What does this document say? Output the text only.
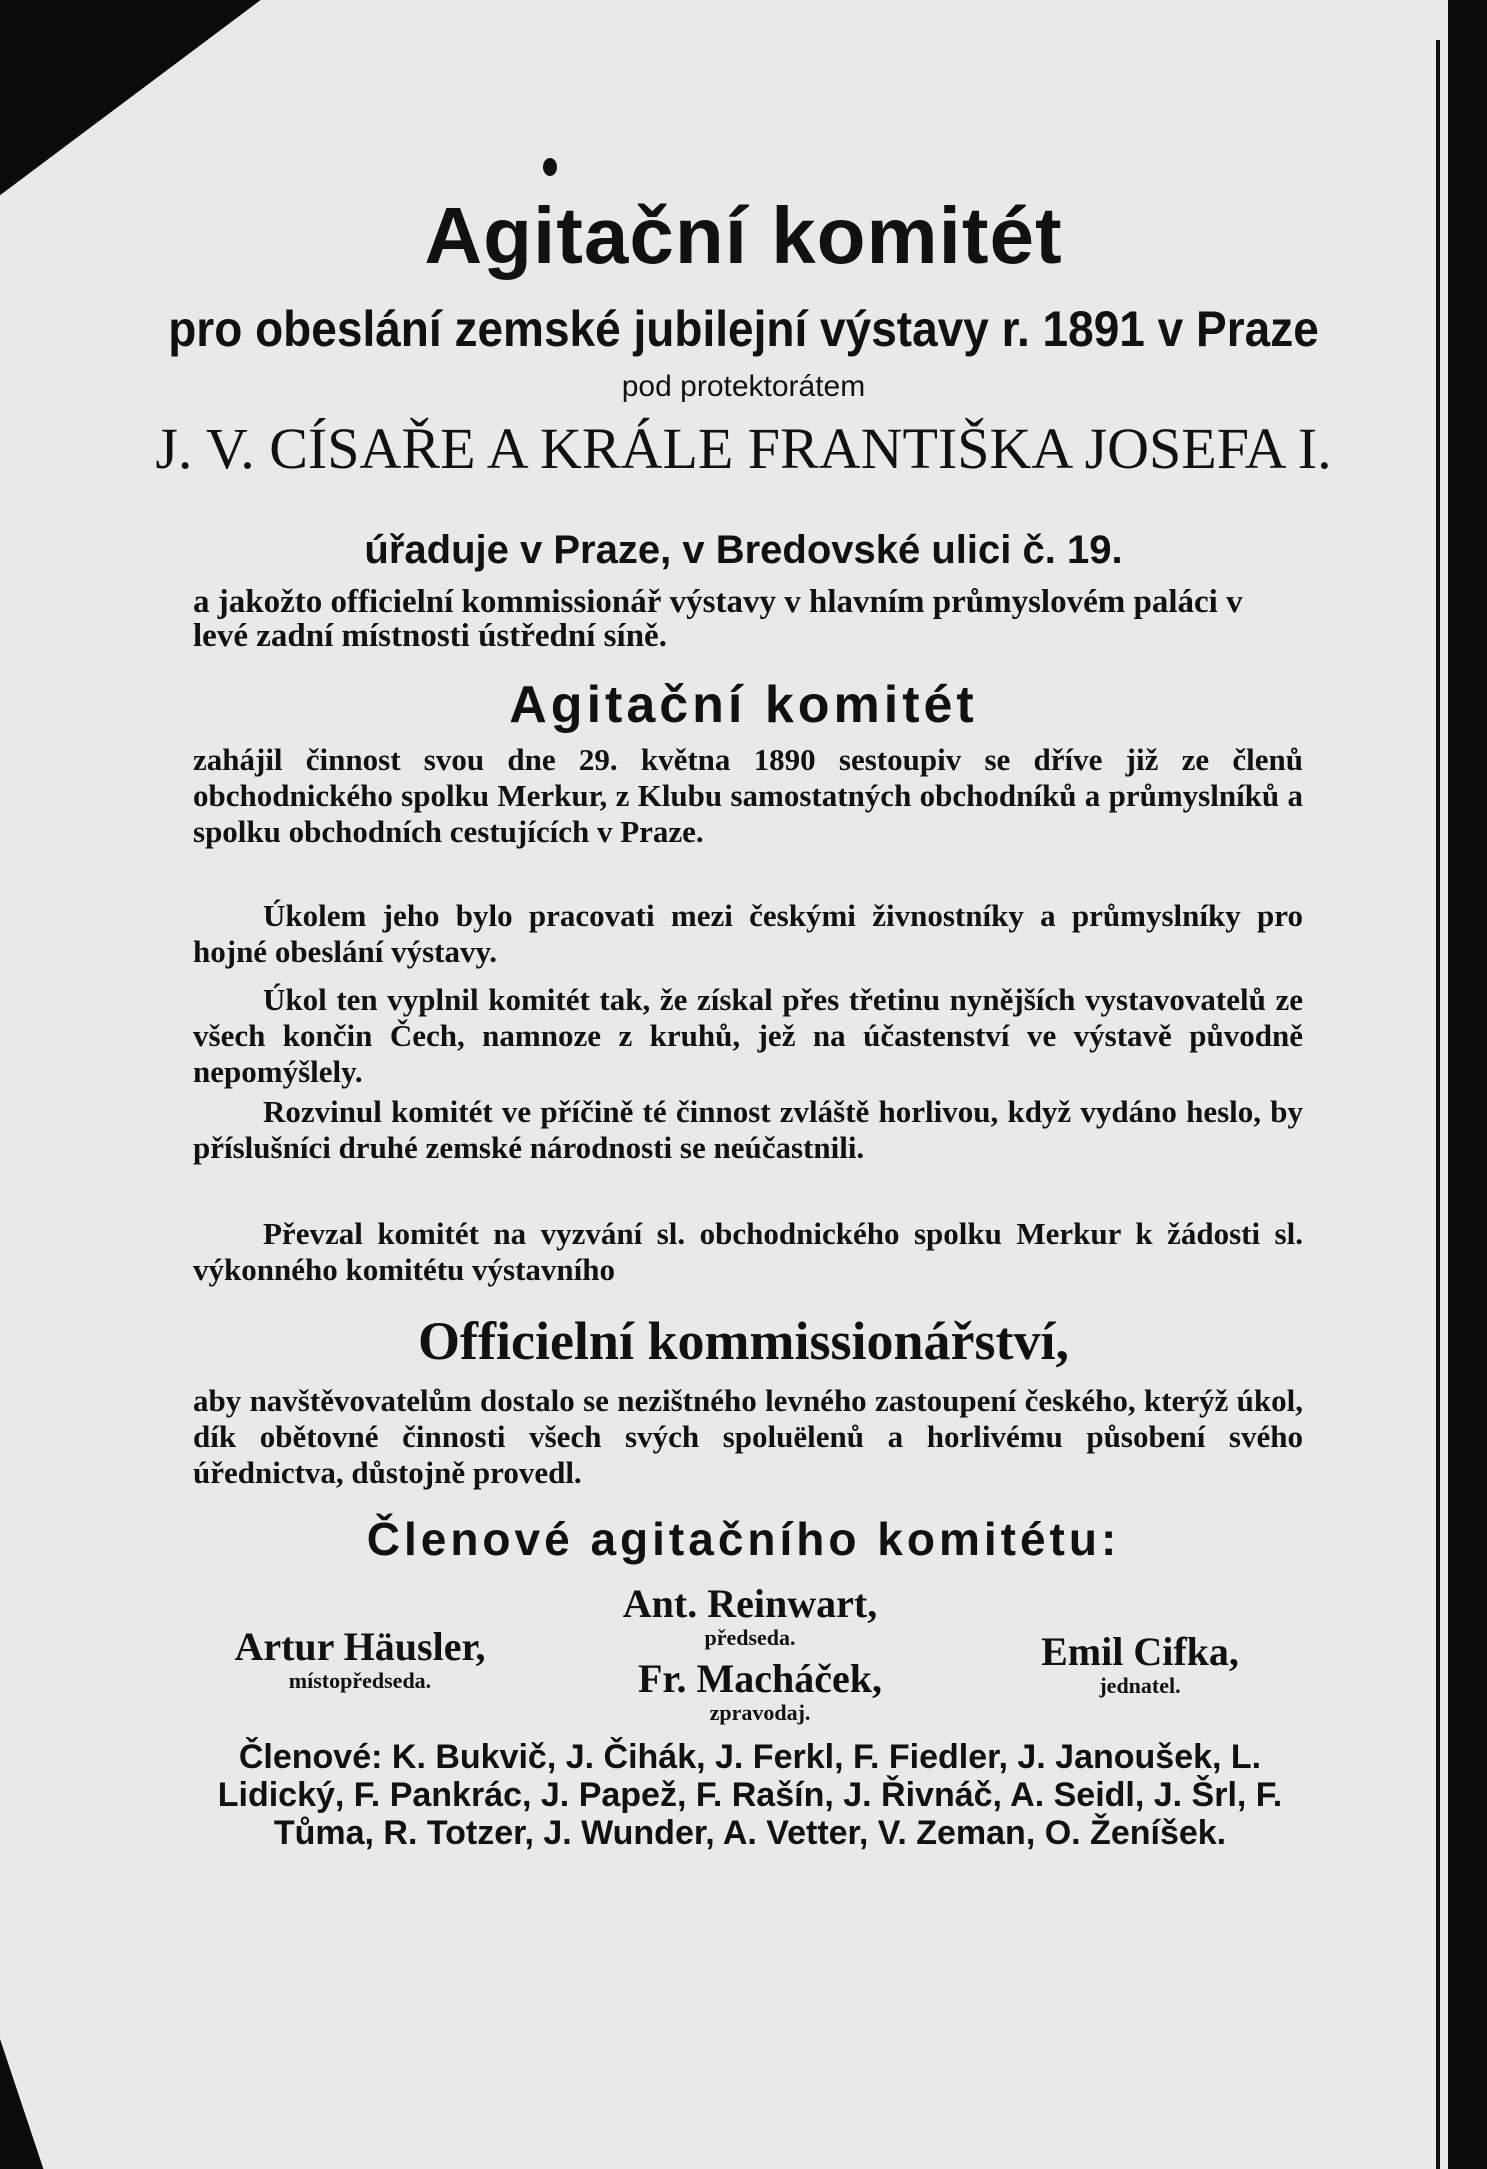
Agitační komitét
pro obeslání zemské jubilejní výstavy r. 1891 v Praze
pod protektorátem
J. V. CÍSAŘE A KRÁLE FRANTIŠKA JOSEFA I.
úřaduje v Praze, v Bredovské ulici č. 19.
a jakožto officielní kommissionář výstavy v hlavním průmyslovém paláci v levé zadní místnosti ústřední síně.
Agitační komitét
zahájil činnost svou dne 29. května 1890 sestoupiv se dříve již ze členů obchodnického spolku Merkur, z Klubu samostatných obchodníků a průmyslníků a spolku obchodních cestujících v Praze.
Úkolem jeho bylo pracovati mezi českými živnostníky a průmyslníky pro hojné obeslání výstavy.
Úkol ten vyplnil komitét tak, že získal přes třetinu nynějších vystavovatelů ze všech končin Čech, namnoze z kruhů, jež na účastenství ve výstavě původně nepomýšlely.
Rozvinul komitét ve příčině té činnost zvláště horlivou, když vydáno heslo, by příslušníci druhé zemské národnosti se neúčastnili.
Převzal komitét na vyzvání sl. obchodnického spolku Merkur k žádosti sl. výkonného komitétu výstavního
Officielní kommissionářství,
aby navštěvovatelům dostalo se nezištného levného zastoupení českého, kterýž úkol, dík obětovné činnosti všech svých spoluëlenů a horlivému působení svého úřednictva, důstojně provedl.
Členové agitačního komitétu:
Ant. Reinwart,
předseda.
Artur Häusler,
místopředseda.	Fr. Macháček,
zpravodaj.
Emil Cifka,
jednatel.
Členové: K. Bukvič, J. Čihák, J. Ferkl, F. Fiedler, J. Janoušek, L. Lidický, F. Pankrác, J. Papež, F. Rašín, J. Řivnáč, A. Seidl, J. Šrl, F. Tůma, R. Totzer, J. Wunder, A. Vetter, V. Zeman, O. Ženíšek.
